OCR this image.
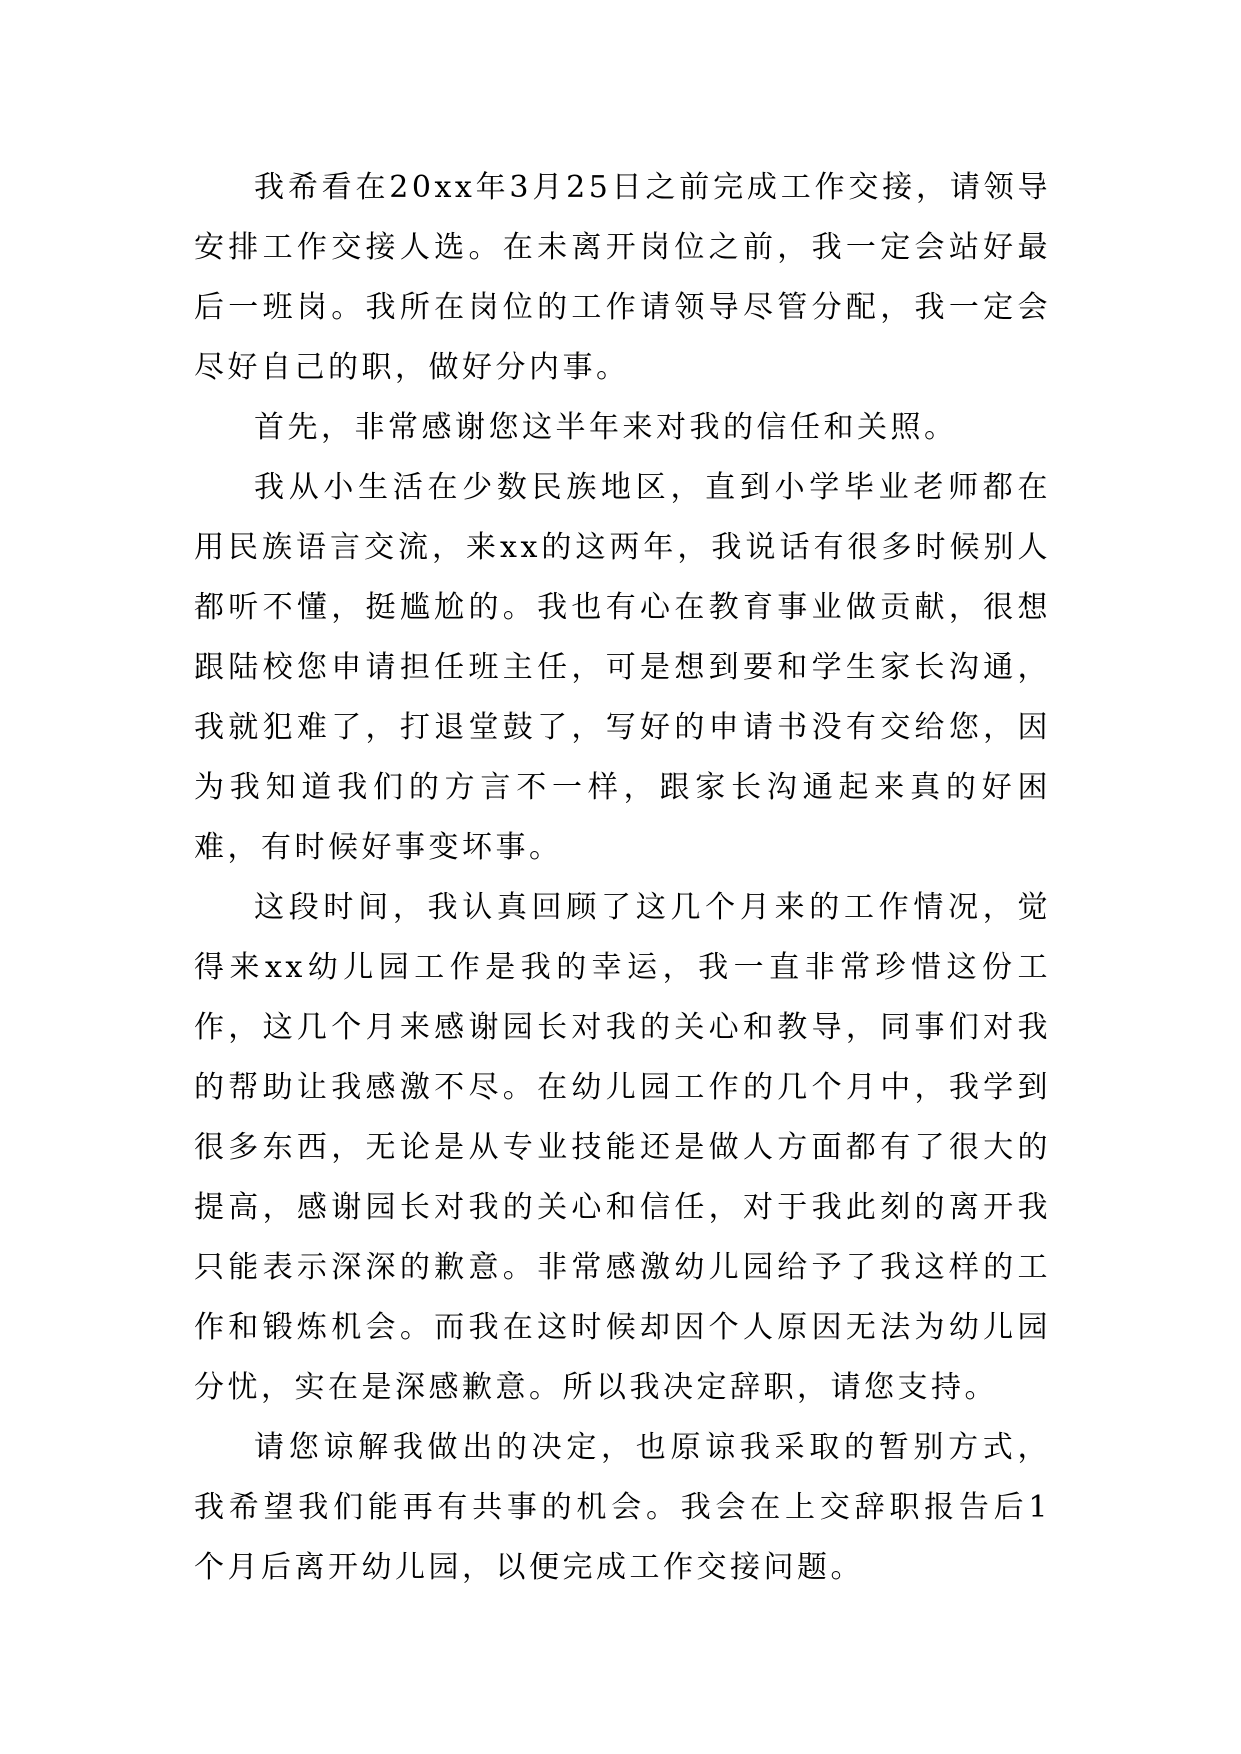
我希看在20xx年3月25日之前完成工作交接，请领导安排工作交接人选。在未离开岗位之前，我一定会站好最后一班岗。我所在岗位的工作请领导尽管分配，我一定会尽好自己的职，做好分内事。

首先，非常感谢您这半年来对我的信任和关照。

我从小生活在少数民族地区，直到小学毕业老师都在用民族语言交流，来xx的这两年，我说话有很多时候别人都听不懂，挺尴尬的。我也有心在教育事业做贡献，很想跟陆校您申请担任班主任，可是想到要和学生家长沟通，我就犯难了，打退堂鼓了，写好的申请书没有交给您，因为我知道我们的方言不一样，跟家长沟通起来真的好困难，有时候好事变坏事。

这段时间，我认真回顾了这几个月来的工作情况，觉得来xx幼儿园工作是我的幸运，我一直非常珍惜这份工作，这几个月来感谢园长对我的关心和教导，同事们对我的帮助让我感激不尽。在幼儿园工作的几个月中，我学到很多东西，无论是从专业技能还是做人方面都有了很大的提高，感谢园长对我的关心和信任，对于我此刻的离开我只能表示深深的歉意。非常感激幼儿园给予了我这样的工作和锻炼机会。而我在这时候却因个人原因无法为幼儿园分忧，实在是深感歉意。所以我决定辞职，请您支持。

请您谅解我做出的决定，也原谅我采取的暂别方式，我希望我们能再有共事的机会。我会在上交辞职报告后1个月后离开幼儿园，以便完成工作交接问题。
